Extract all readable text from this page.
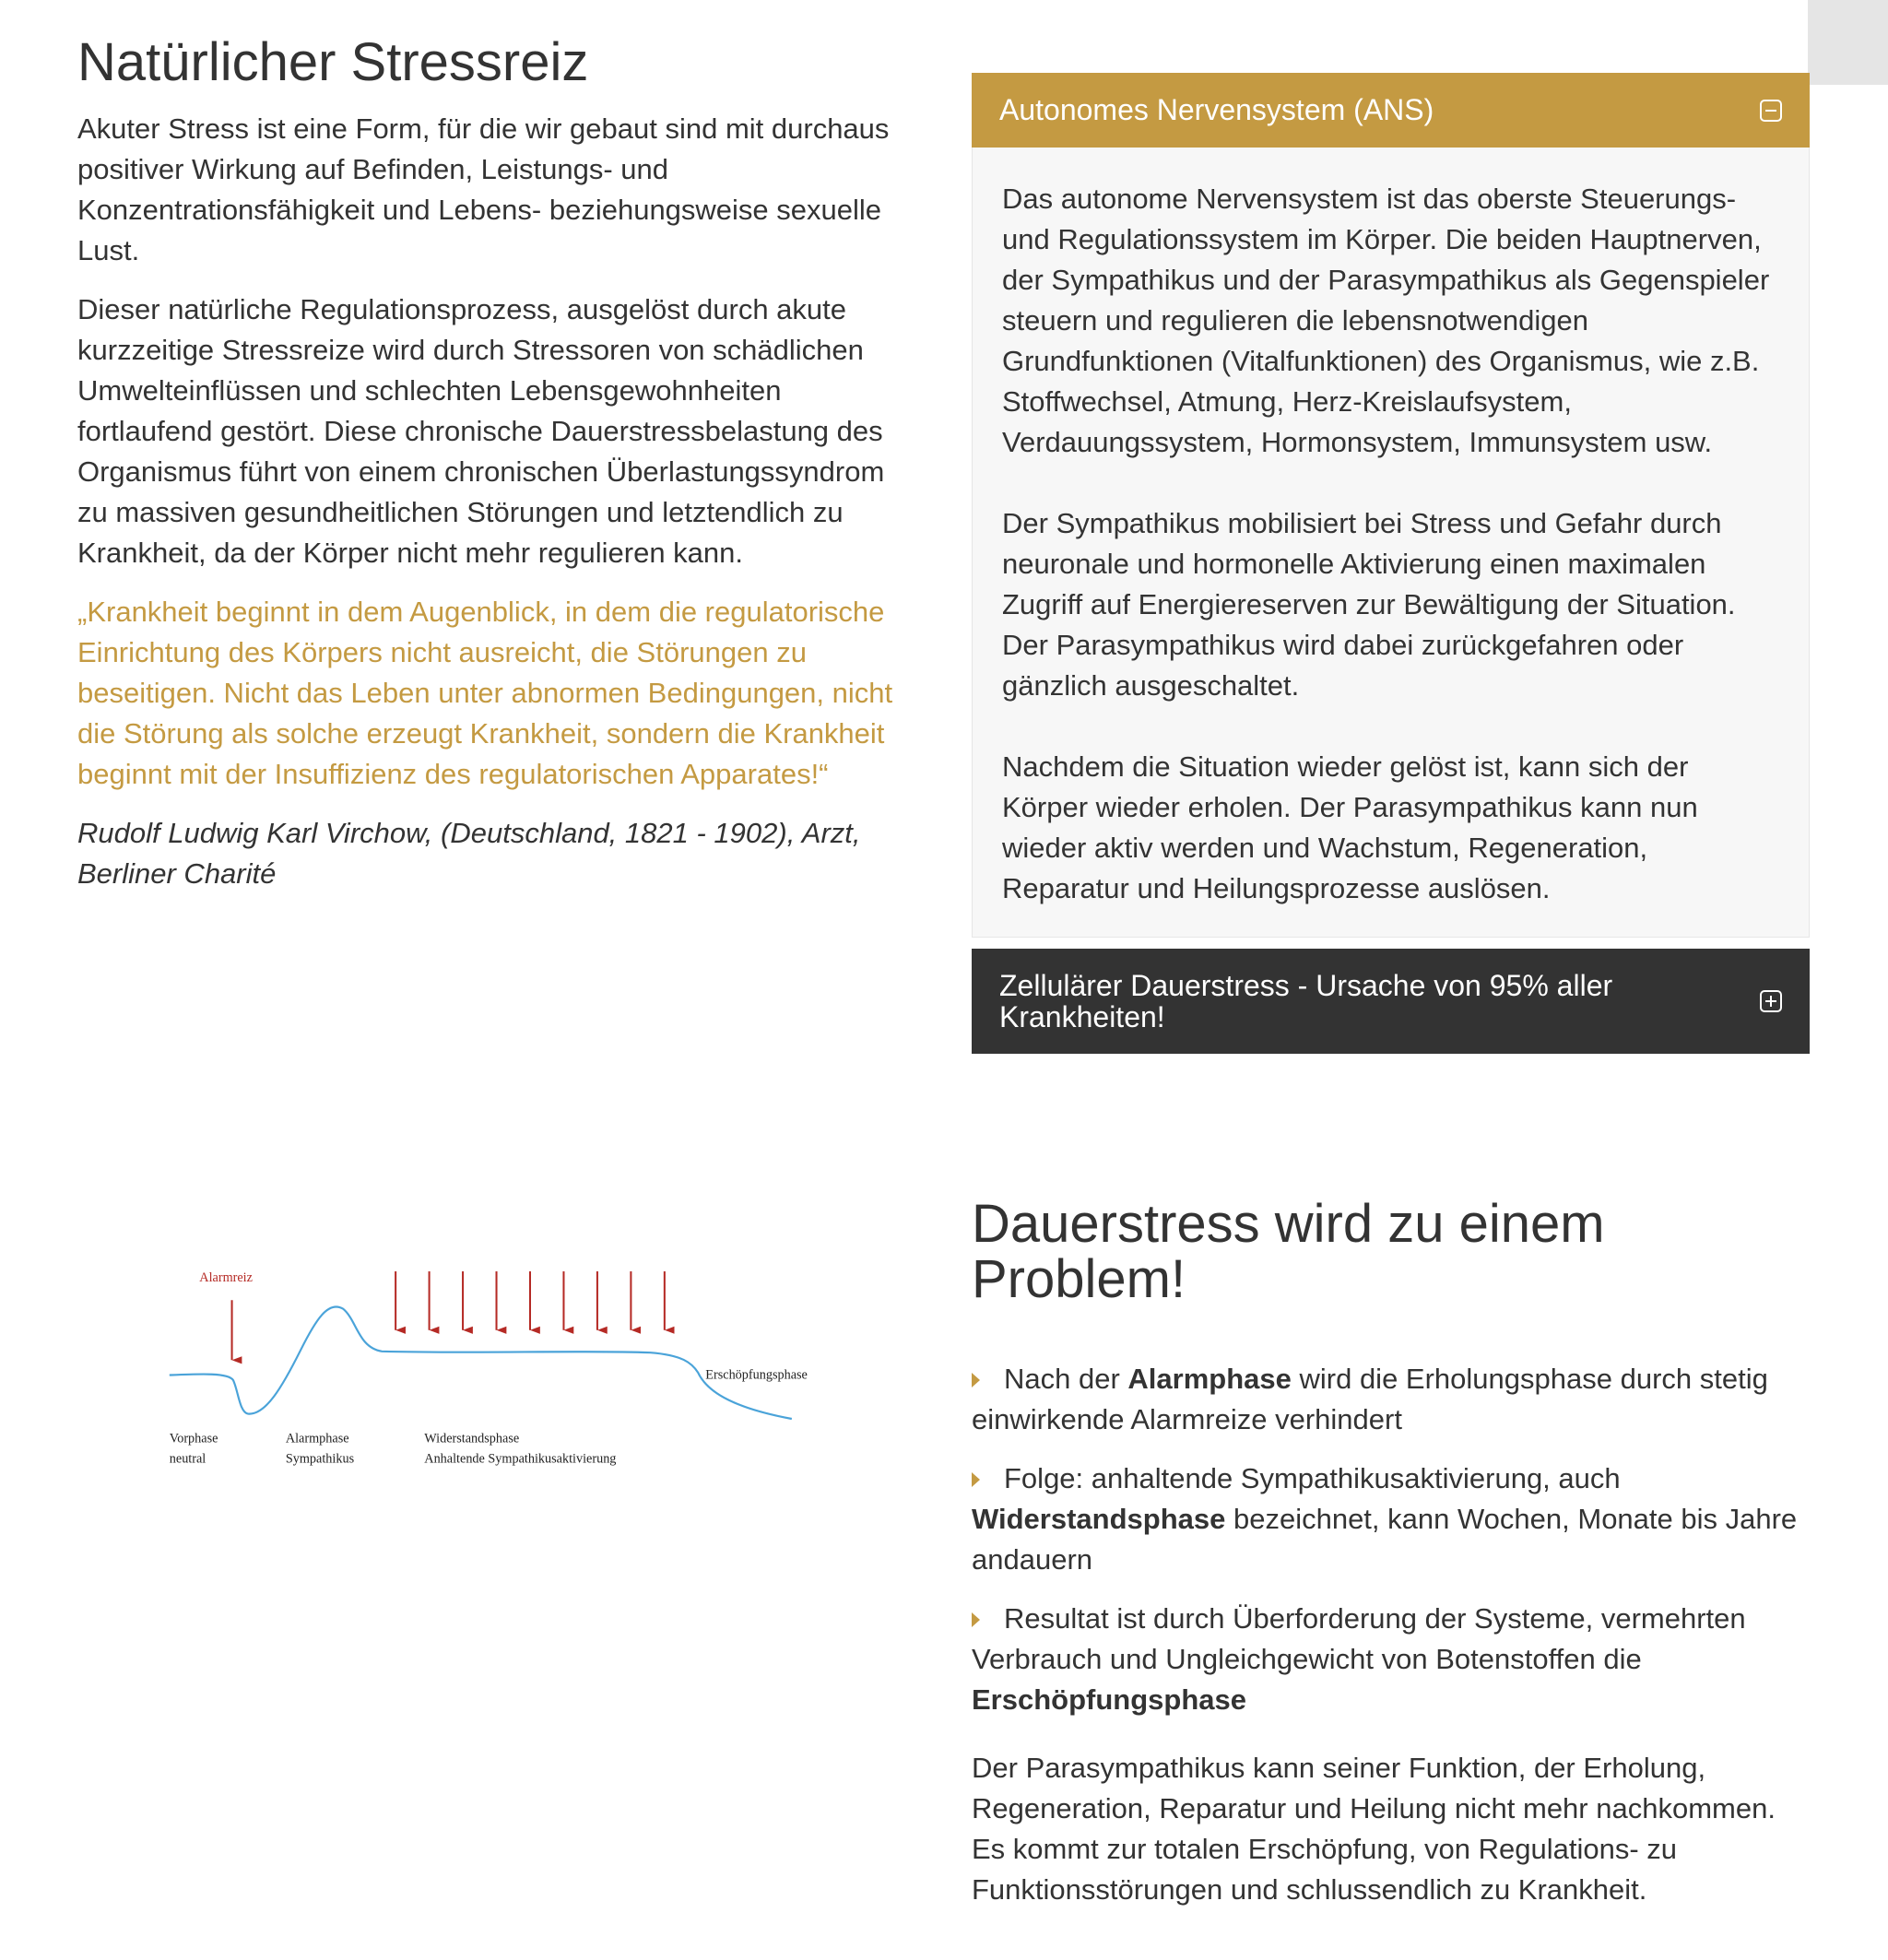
Natürlicher Stressreiz

Akuter Stress ist eine Form, für die wir gebaut sind mit durchaus positiver Wirkung auf Befinden, Leistungs- und Konzentrationsfähigkeit und Lebens- beziehungsweise sexuelle Lust.

Dieser natürliche Regulationsprozess, ausgelöst durch akute kurzzeitige Stressreize wird durch Stressoren von schädlichen Umwelteinflüssen und schlechten Lebensgewohnheiten fortlaufend gestört. Diese chronische Dauerstressbelastung des Organismus führt von einem chronischen Überlastungssyndrom zu massiven gesundheitlichen Störungen und letztendlich zu Krankheit, da der Körper nicht mehr regulieren kann.

„Krankheit beginnt in dem Augenblick, in dem die regulatorische Einrichtung des Körpers nicht ausreicht, die Störungen zu beseitigen. Nicht das Leben unter abnormen Bedingungen, nicht die Störung als solche erzeugt Krankheit, sondern die Krankheit beginnt mit der Insuffizienz des regulatorischen Apparates!“

Rudolf Ludwig Karl Virchow, (Deutschland, 1821 - 1902), Arzt, Berliner Charité

Autonomes Nervensystem (ANS)

Das autonome Nervensystem ist das oberste Steuerungs- und Regulationssystem im Körper. Die beiden Hauptnerven, der Sympathikus und der Parasympathikus als Gegenspieler steuern und regulieren die lebensnotwendigen Grundfunktionen (Vitalfunktionen) des Organismus, wie z.B. Stoffwechsel, Atmung, Herz-Kreislaufsystem, Verdauungssystem, Hormonsystem, Immunsystem usw.

Der Sympathikus mobilisiert bei Stress und Gefahr durch neuronale und hormonelle Aktivierung einen maximalen Zugriff auf Energiereserven zur Bewältigung der Situation. Der Parasympathikus wird dabei zurückgefahren oder gänzlich ausgeschaltet.

Nachdem die Situation wieder gelöst ist, kann sich der Körper wieder erholen. Der Parasympathikus kann nun wieder aktiv werden und Wachstum, Regeneration, Reparatur und Heilungsprozesse auslösen.

Zellulärer Dauerstress - Ursache von 95% aller Krankheiten!
Alarmreiz
Erschöpfungsphase
Vorphase
neutral
Alarmphase
Sympathikus
Widerstandsphase
Anhaltende Sympathikusaktivierung
Dauerstress wird zu einem Problem!
Nach der Alarmphase wird die Erholungsphase durch stetig einwirkende Alarmreize verhindert
Folge: anhaltende Sympathikusaktivierung, auch Widerstandsphase bezeichnet, kann Wochen, Monate bis Jahre andauern
Resultat ist durch Überforderung der Systeme, vermehrten Verbrauch und Ungleichgewicht von Botenstoffen die Erschöpfungsphase

Der Parasympathikus kann seiner Funktion, der Erholung, Regeneration, Reparatur und Heilung nicht mehr nachkommen. Es kommt zur totalen Erschöpfung, von Regulations- zu Funktionsstörungen und schlussendlich zu Krankheit.
